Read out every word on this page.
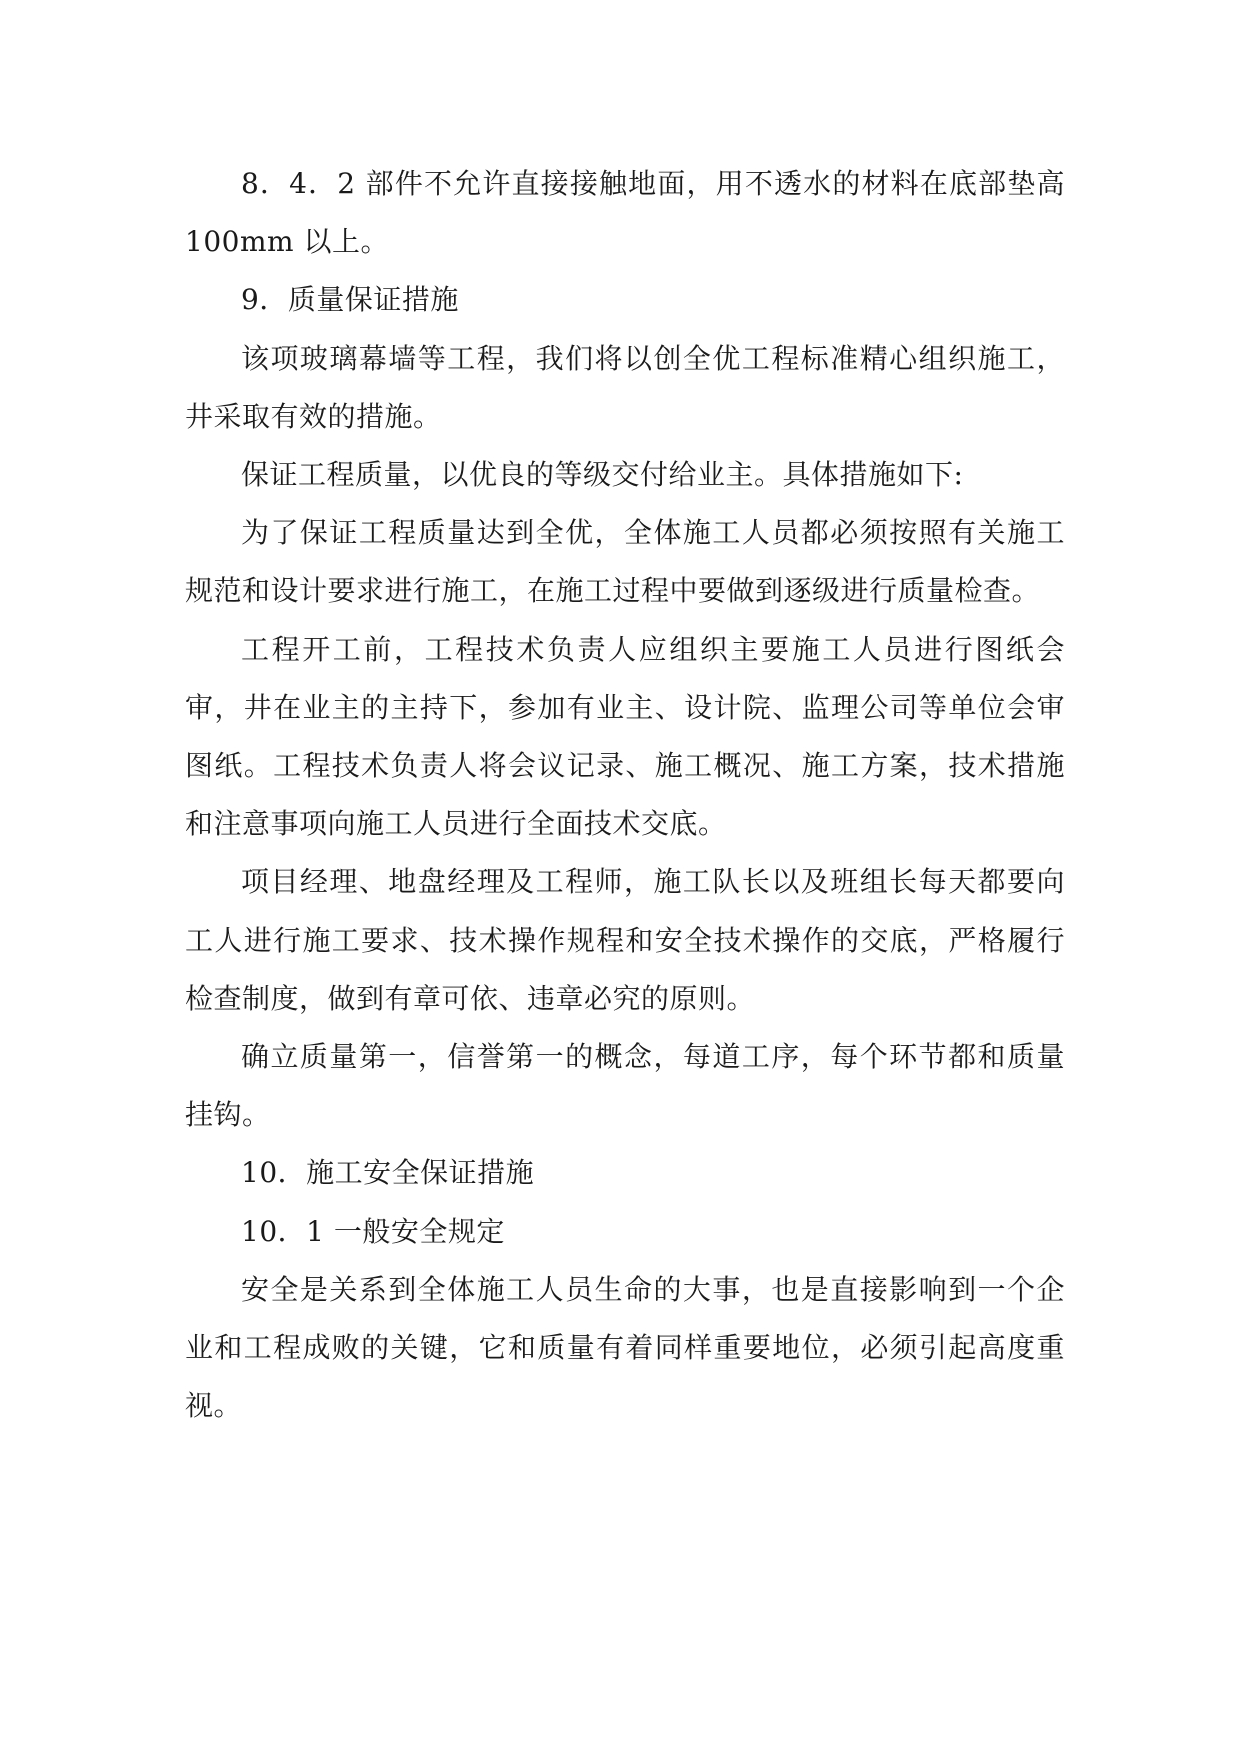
8．4．2 部件不允许直接接触地面，用不透水的材料在底部垫高100mm 以上。

9．质量保证措施

该项玻璃幕墙等工程，我们将以创全优工程标准精心组织施工，井采取有效的措施。

保证工程质量，以优良的等级交付给业主。具体措施如下:

为了保证工程质量达到全优，全体施工人员都必须按照有关施工规范和设计要求进行施工，在施工过程中要做到逐级进行质量检查。

工程开工前，工程技术负责人应组织主要施工人员进行图纸会审，井在业主的主持下，参加有业主、设计院、监理公司等单位会审图纸。工程技术负责人将会议记录、施工概况、施工方案，技术措施和注意事项向施工人员进行全面技术交底。

项目经理、地盘经理及工程师，施工队长以及班组长每天都要向工人进行施工要求、技术操作规程和安全技术操作的交底，严格履行检查制度，做到有章可依、违章必究的原则。

确立质量第一，信誉第一的概念，每道工序，每个环节都和质量挂钩。

10．施工安全保证措施

10．1 一般安全规定

安全是关系到全体施工人员生命的大事，也是直接影响到一个企业和工程成败的关键，它和质量有着同样重要地位，必须引起高度重视。
